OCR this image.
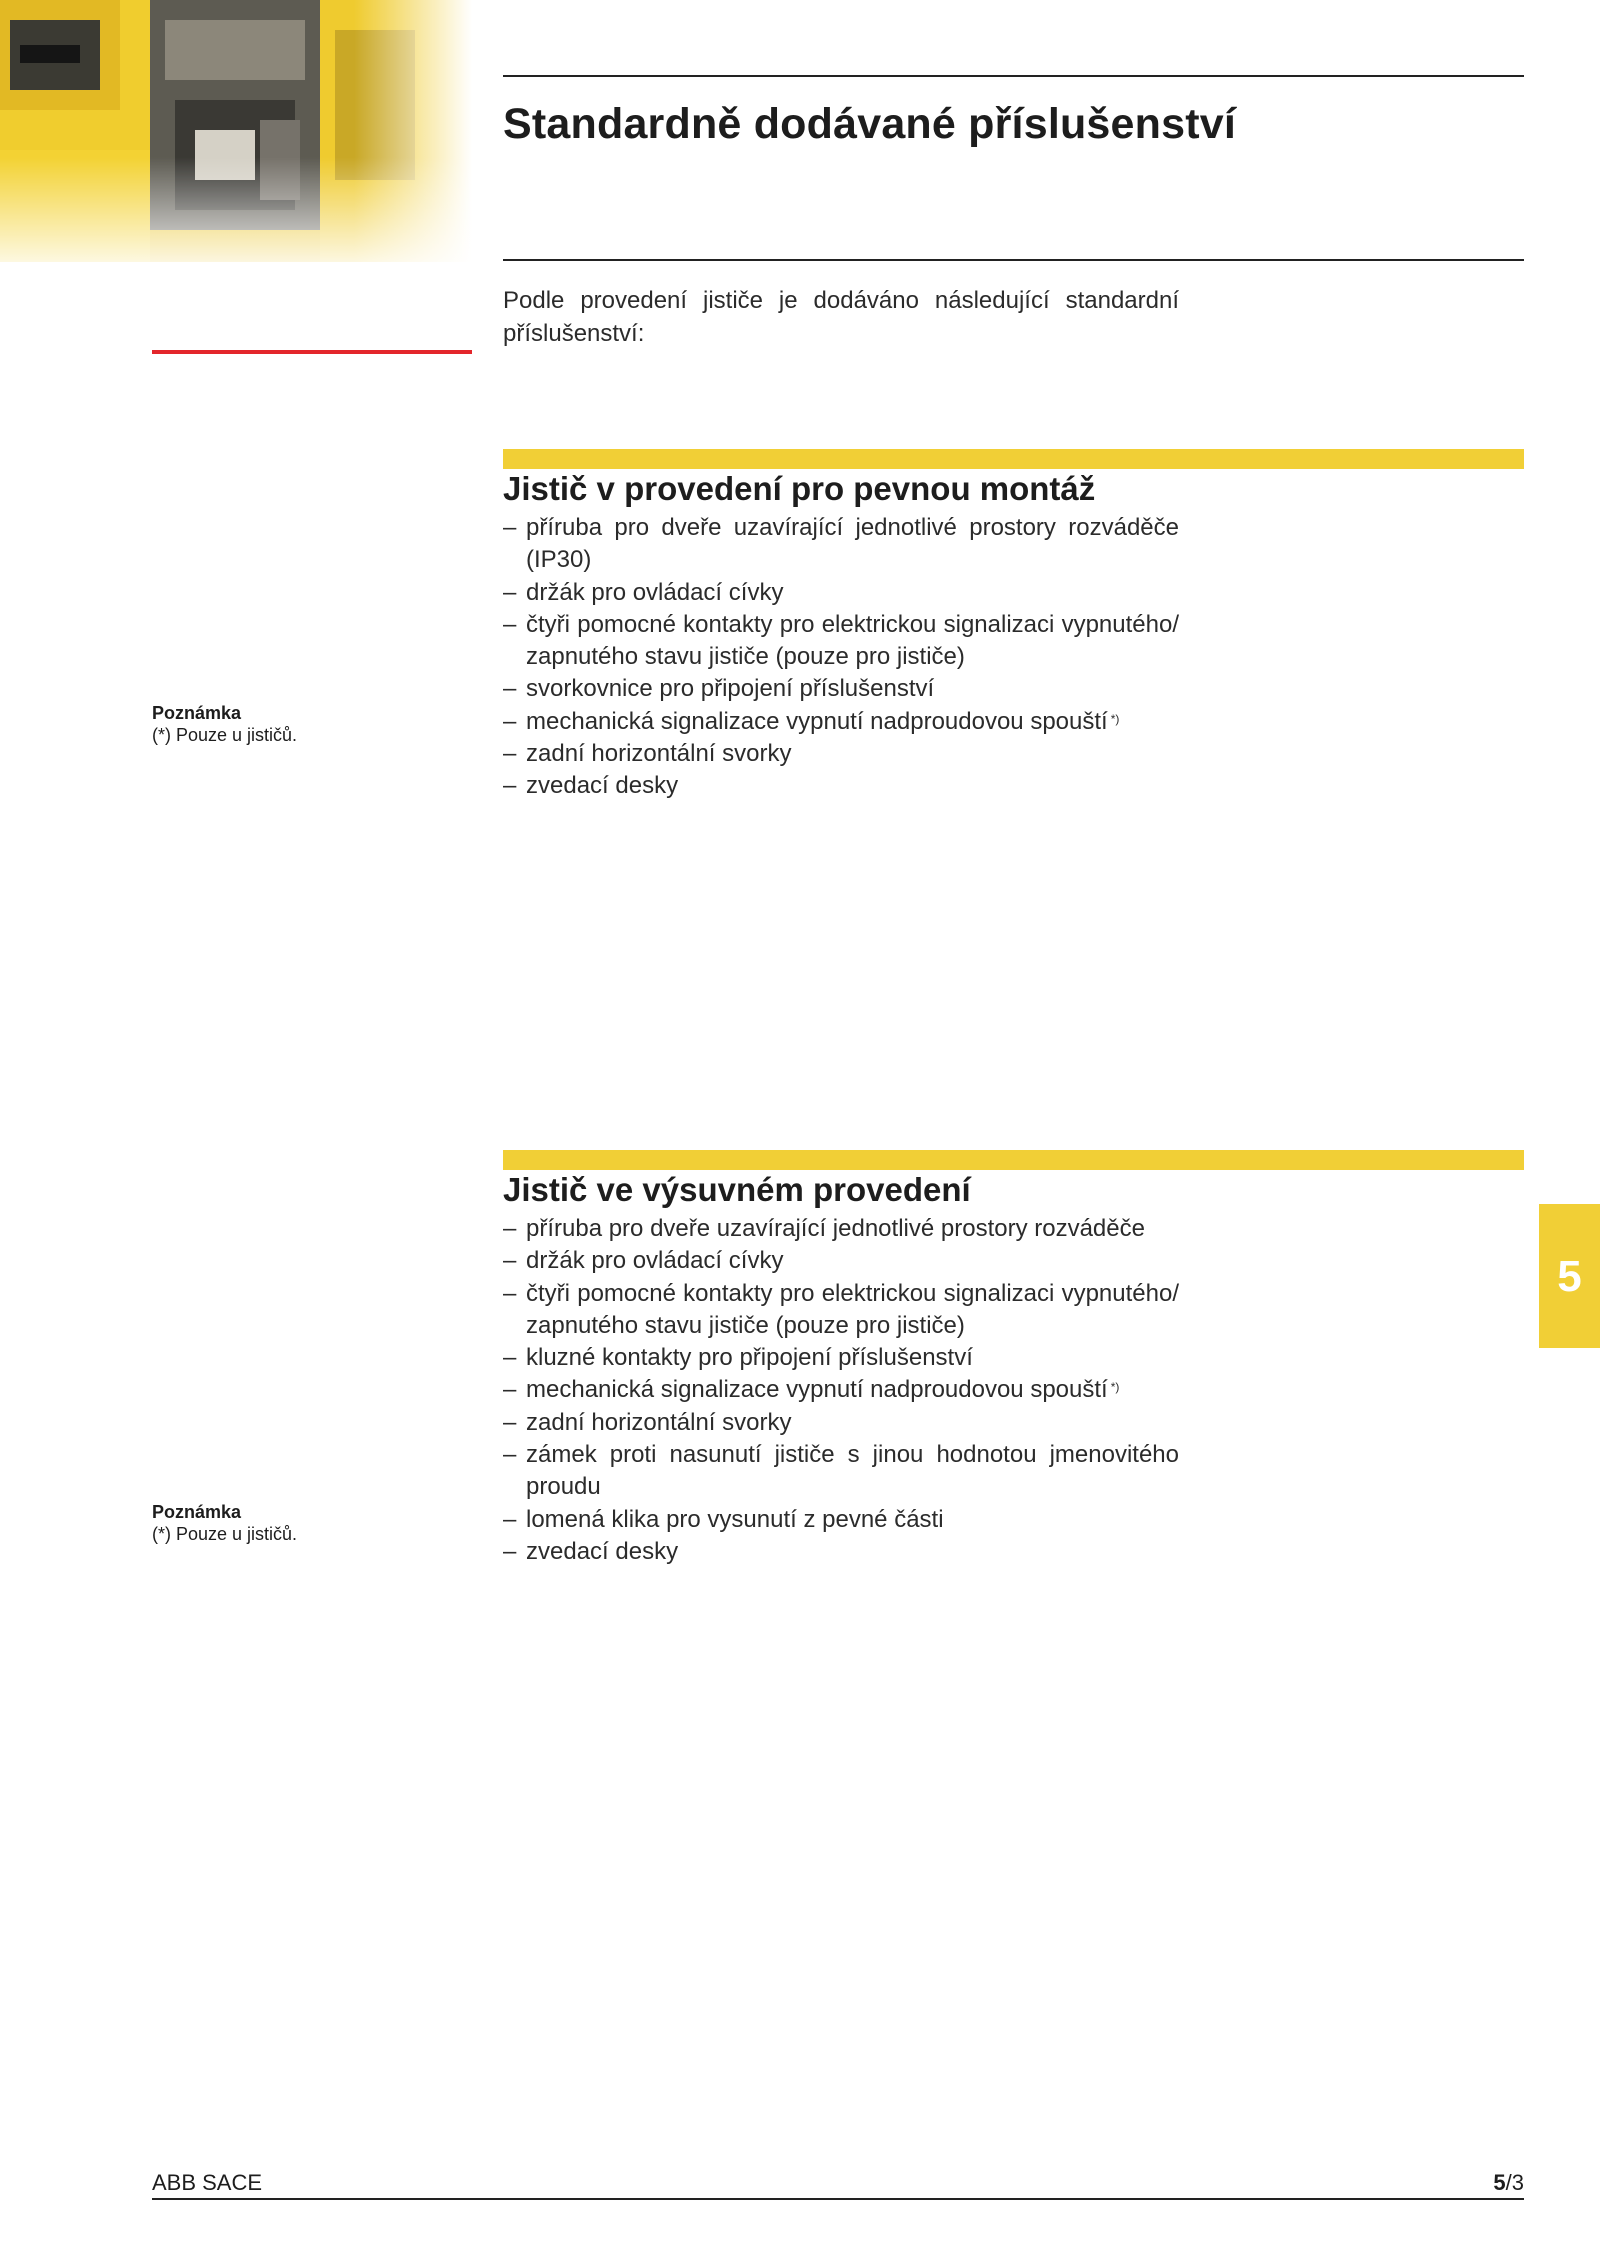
Standardně dodávané příslušenství
Podle provedení jističe je dodáváno následující standardní příslušenství:
Jistič v provedení pro pevnou montáž
– příruba pro dveře uzavírající jednotlivé prostory rozváděče (IP30)
– držák pro ovládací cívky
– čtyři pomocné kontakty pro elektrickou signalizaci vypnutého/ zapnutého stavu jističe (pouze pro jističe)
– svorkovnice pro připojení příslušenství
– mechanická signalizace vypnutí nadproudovou spouští *)
– zadní horizontální svorky
– zvedací desky
Poznámka
(*) Pouze u jističů.
Jistič ve výsuvném provedení
– příruba pro dveře uzavírající jednotlivé prostory rozváděče
– držák pro ovládací cívky
– čtyři pomocné kontakty pro elektrickou signalizaci vypnutého/ zapnutého stavu jističe (pouze pro jističe)
– kluzné kontakty pro připojení příslušenství
– mechanická signalizace vypnutí nadproudovou spouští *)
– zadní horizontální svorky
– zámek proti nasunutí jističe s jinou hodnotou jmenovitého proudu
– lomená klika pro vysunutí z pevné části
– zvedací desky
Poznámka
(*) Pouze u jističů.
5
ABB SACE	5/3
